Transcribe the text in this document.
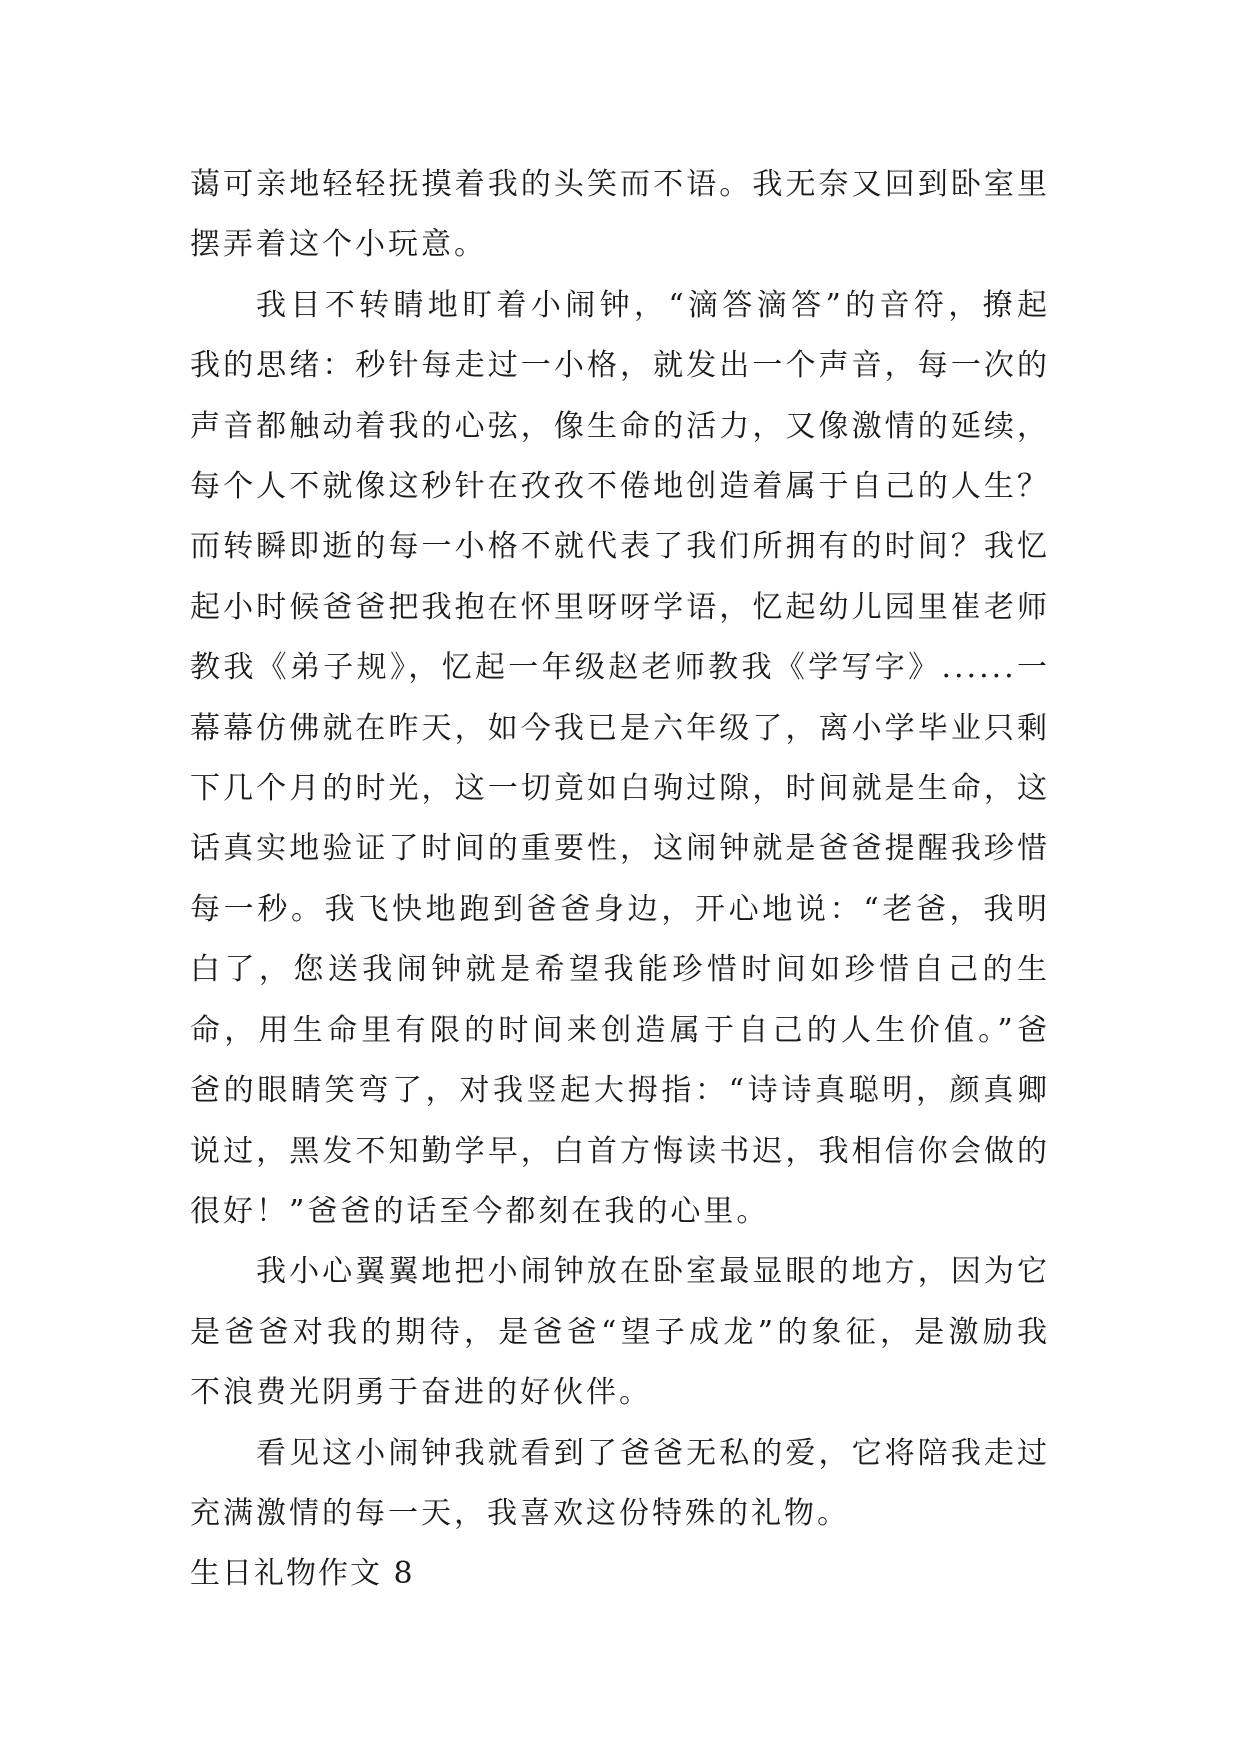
蔼可亲地轻轻抚摸着我的头笑而不语。我无奈又回到卧室里摆弄着这个小玩意。

我目不转睛地盯着小闹钟，“滴答滴答”的音符，撩起我的思绪：秒针每走过一小格，就发出一个声音，每一次的声音都触动着我的心弦，像生命的活力，又像激情的延续，每个人不就像这秒针在孜孜不倦地创造着属于自己的人生？而转瞬即逝的每一小格不就代表了我们所拥有的时间？我忆起小时候爸爸把我抱在怀里呀呀学语，忆起幼儿园里崔老师教我《弟子规》，忆起一年级赵老师教我《学写字》......一幕幕仿佛就在昨天，如今我已是六年级了，离小学毕业只剩下几个月的时光，这一切竟如白驹过隙，时间就是生命，这话真实地验证了时间的重要性，这闹钟就是爸爸提醒我珍惜每一秒。我飞快地跑到爸爸身边，开心地说：“老爸，我明白了，您送我闹钟就是希望我能珍惜时间如珍惜自己的生命，用生命里有限的时间来创造属于自己的人生价值。”爸爸的眼睛笑弯了，对我竖起大拇指：“诗诗真聪明，颜真卿说过，黑发不知勤学早，白首方悔读书迟，我相信你会做的很好！”爸爸的话至今都刻在我的心里。

我小心翼翼地把小闹钟放在卧室最显眼的地方，因为它是爸爸对我的期待，是爸爸“望子成龙”的象征，是激励我不浪费光阴勇于奋进的好伙伴。

看见这小闹钟我就看到了爸爸无私的爱，它将陪我走过充满激情的每一天，我喜欢这份特殊的礼物。

生日礼物作文 8
